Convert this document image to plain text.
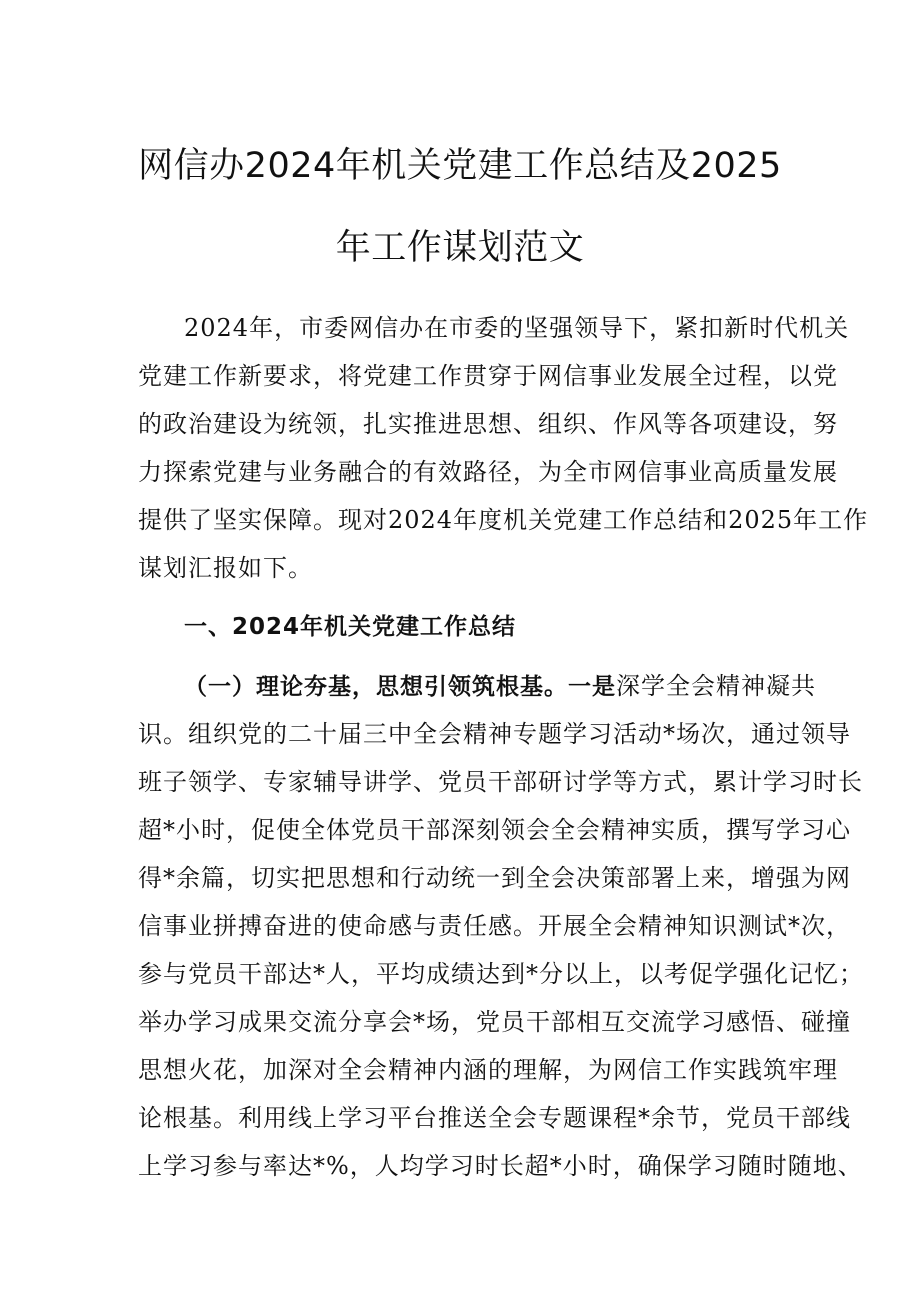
网信办2024年机关党建工作总结及2025
年工作谋划范文
2024年，市委网信办在市委的坚强领导下，紧扣新时代机关
党建工作新要求，将党建工作贯穿于网信事业发展全过程，以党
的政治建设为统领，扎实推进思想、组织、作风等各项建设，努
力探索党建与业务融合的有效路径，为全市网信事业高质量发展
提供了坚实保障。现对2024年度机关党建工作总结和2025年工作
谋划汇报如下。
一、2024年机关党建工作总结
（一）理论夯基，思想引领筑根基。一是深学全会精神凝共
识。组织党的二十届三中全会精神专题学习活动*场次，通过领导
班子领学、专家辅导讲学、党员干部研讨学等方式，累计学习时长
超*小时，促使全体党员干部深刻领会全会精神实质，撰写学习心
得*余篇，切实把思想和行动统一到全会决策部署上来，增强为网
信事业拼搏奋进的使命感与责任感。开展全会精神知识测试*次，
参与党员干部达*人，平均成绩达到*分以上，以考促学强化记忆；
举办学习成果交流分享会*场，党员干部相互交流学习感悟、碰撞
思想火花，加深对全会精神内涵的理解，为网信工作实践筑牢理
论根基。利用线上学习平台推送全会专题课程*余节，党员干部线
上学习参与率达*%，人均学习时长超*小时，确保学习随时随地、
